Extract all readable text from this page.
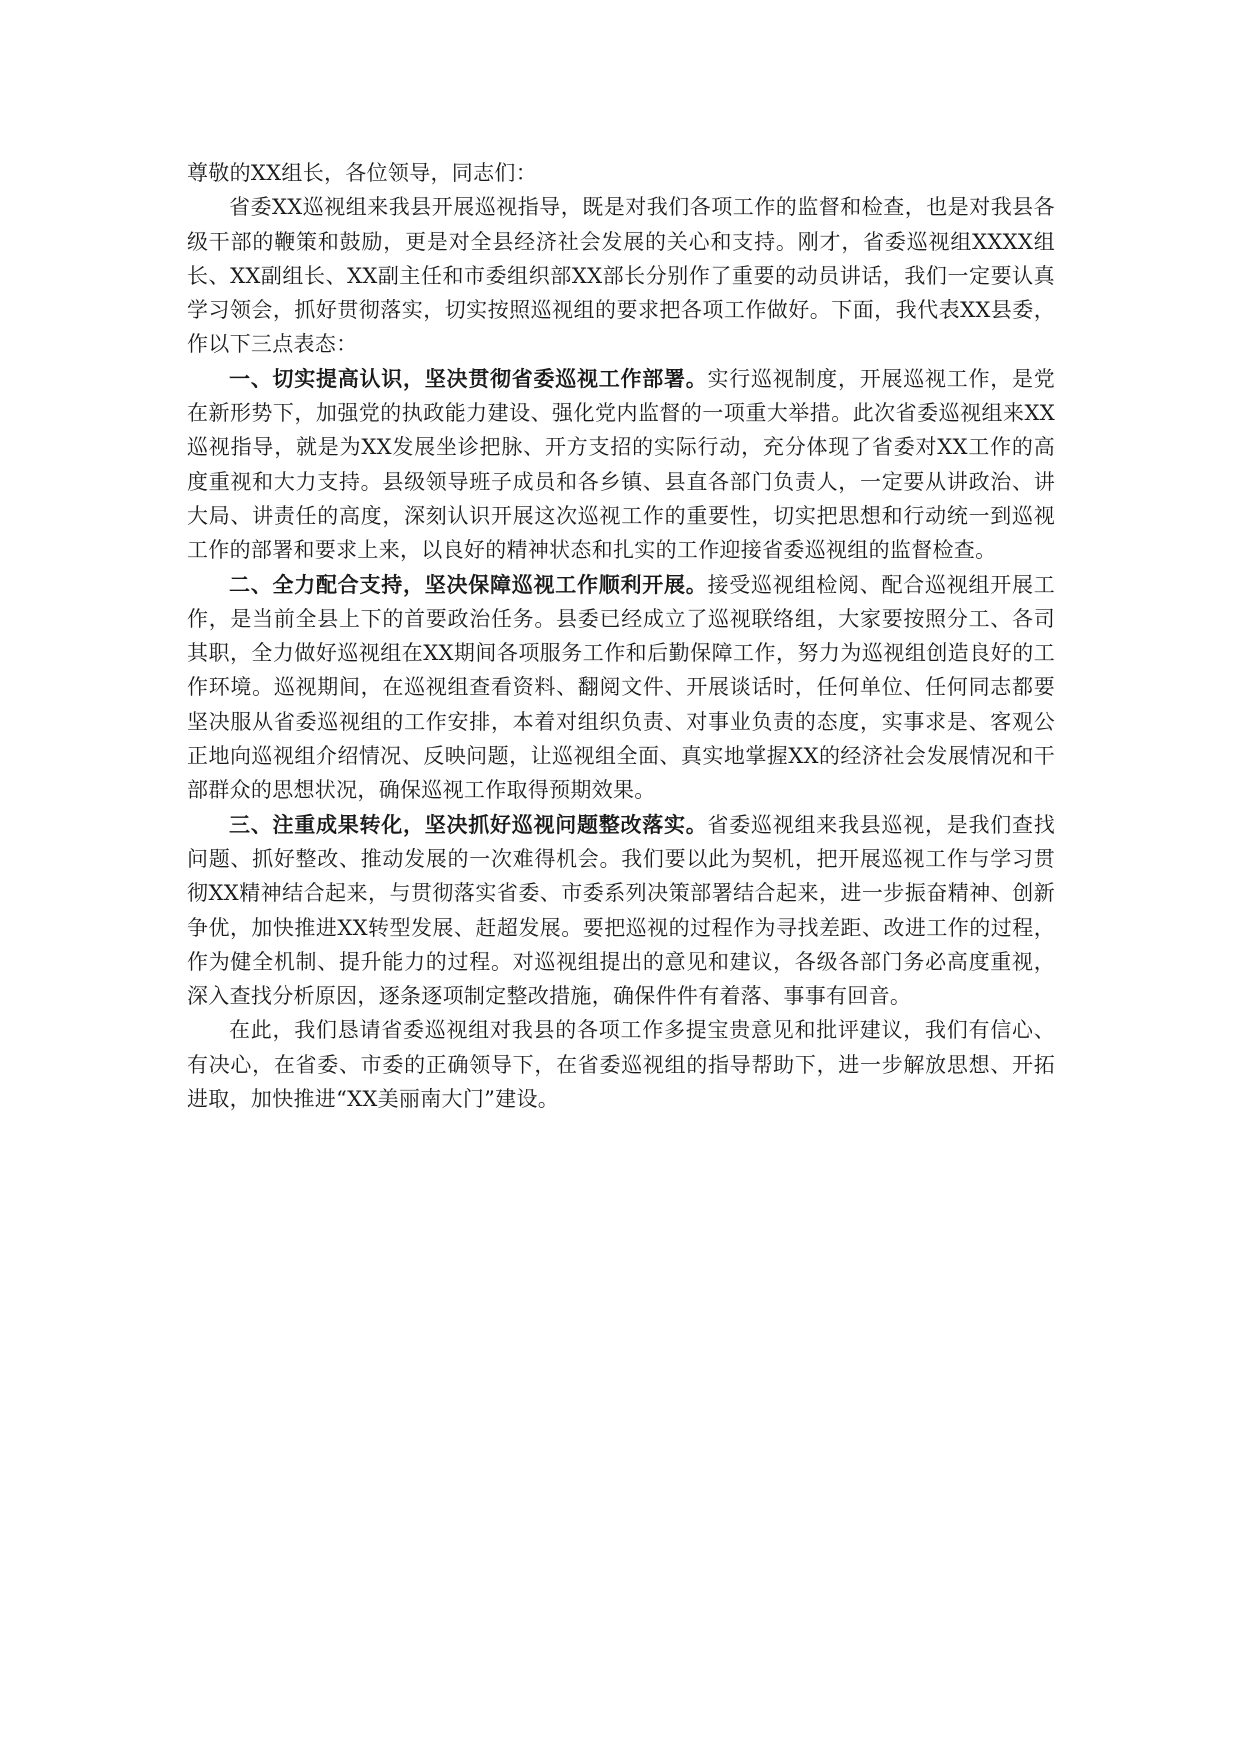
尊敬的XX组长，各位领导，同志们：

省委XX巡视组来我县开展巡视指导，既是对我们各项工作的监督和检查，也是对我县各级干部的鞭策和鼓励，更是对全县经济社会发展的关心和支持。刚才，省委巡视组XXXX组长、XX副组长、XX副主任和市委组织部XX部长分别作了重要的动员讲话，我们一定要认真学习领会，抓好贯彻落实，切实按照巡视组的要求把各项工作做好。下面，我代表XX县委，作以下三点表态：

一、切实提高认识，坚决贯彻省委巡视工作部署。实行巡视制度，开展巡视工作，是党在新形势下，加强党的执政能力建设、强化党内监督的一项重大举措。此次省委巡视组来XX巡视指导，就是为XX发展坐诊把脉、开方支招的实际行动，充分体现了省委对XX工作的高度重视和大力支持。县级领导班子成员和各乡镇、县直各部门负责人，一定要从讲政治、讲大局、讲责任的高度，深刻认识开展这次巡视工作的重要性，切实把思想和行动统一到巡视工作的部署和要求上来，以良好的精神状态和扎实的工作迎接省委巡视组的监督检查。

二、全力配合支持，坚决保障巡视工作顺利开展。接受巡视组检阅、配合巡视组开展工作，是当前全县上下的首要政治任务。县委已经成立了巡视联络组，大家要按照分工、各司其职，全力做好巡视组在XX期间各项服务工作和后勤保障工作，努力为巡视组创造良好的工作环境。巡视期间，在巡视组查看资料、翻阅文件、开展谈话时，任何单位、任何同志都要坚决服从省委巡视组的工作安排，本着对组织负责、对事业负责的态度，实事求是、客观公正地向巡视组介绍情况、反映问题，让巡视组全面、真实地掌握XX的经济社会发展情况和干部群众的思想状况，确保巡视工作取得预期效果。

三、注重成果转化，坚决抓好巡视问题整改落实。省委巡视组来我县巡视，是我们查找问题、抓好整改、推动发展的一次难得机会。我们要以此为契机，把开展巡视工作与学习贯彻XX精神结合起来，与贯彻落实省委、市委系列决策部署结合起来，进一步振奋精神、创新争优，加快推进XX转型发展、赶超发展。要把巡视的过程作为寻找差距、改进工作的过程，作为健全机制、提升能力的过程。对巡视组提出的意见和建议，各级各部门务必高度重视，深入查找分析原因，逐条逐项制定整改措施，确保件件有着落、事事有回音。

在此，我们恳请省委巡视组对我县的各项工作多提宝贵意见和批评建议，我们有信心、有决心，在省委、市委的正确领导下，在省委巡视组的指导帮助下，进一步解放思想、开拓进取，加快推进“XX美丽南大门”建设。
